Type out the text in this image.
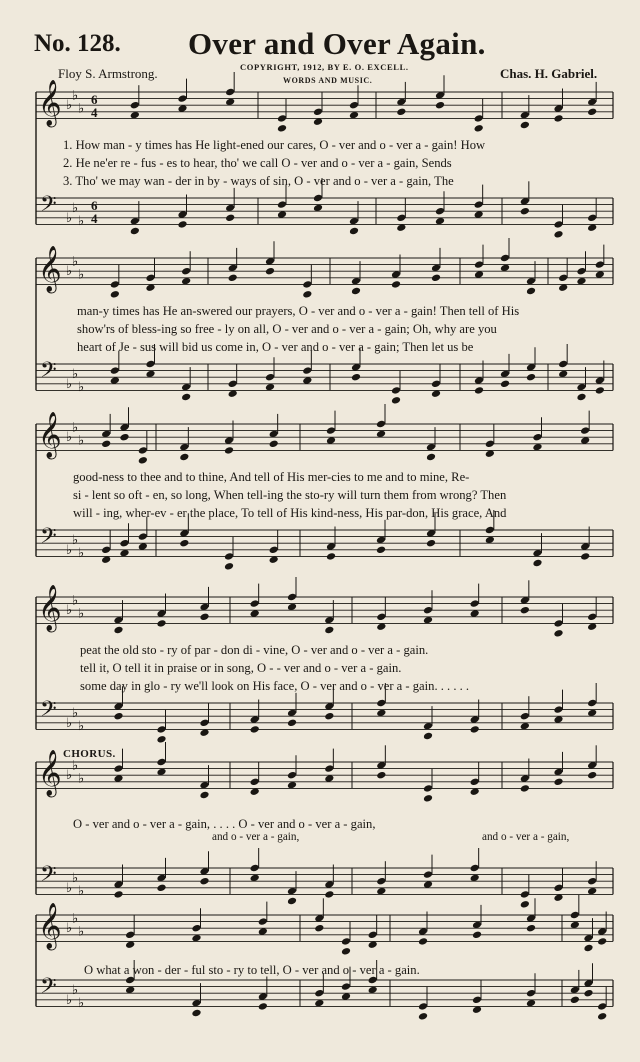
No. 128. Over and Over Again.
COPYRIGHT, 1912, BY E. O. EXCELL.
WORDS AND MUSIC.
Floy S. Armstrong.	Chas. H. Gabriel.
𝄞
𝄢
♭
♭
♭
♭
♭
♭
6
6
4
4
𝄞
𝄢
♭
♭
♭
♭
♭
♭
𝄞
𝄢
♭
♭
♭
♭
♭
♭
𝄞
𝄢
♭
♭
♭
♭
♭
♭
𝄞
𝄢
♭
♭
♭
♭
♭
♭
𝄞
𝄢
♭
♭
♭
♭
♭
♭
1. How man - y times has He light-ened our cares, O - ver and o - ver a - gain! How
2. He ne'er re - fus - es to hear, tho' we call O - ver and o - ver a - gain, Sends
3. Tho' we may wan - der in by - ways of sin, O - ver and o - ver a - gain, The
man-y times has He an-swered our prayers, O - ver and o - ver a - gain! Then tell of His
show'rs of bless-ing so free - ly on all, O - ver and o - ver a - gain; Oh, why are you
heart of Je - sus will bid us come in, O - ver and o - ver a - gain; Then let us be
good-ness to thee and to thine, And tell of His mer-cies to me and to mine, Re-
si - lent so oft - en, so long, When tell-ing the sto-ry will turn them from wrong? Then
will - ing, wher-ev - er the place, To tell of His kind-ness, His par-don, His grace, And
peat the old sto - ry of par - don di - vine, O - ver and o - ver a - gain.
tell it, O tell it in praise or in song, O - - ver and o - ver a - gain.
some day in glo - ry we'll look on His face, O - ver and o - ver a - gain. . . . . .
CHORUS.
O - ver and o - ver a - gain, . . . . O - ver and o - ver a - gain,
and o - ver a - gain,	and o - ver a - gain,
O what a won - der - ful sto - ry to tell, O - ver and o - ver a - gain.
